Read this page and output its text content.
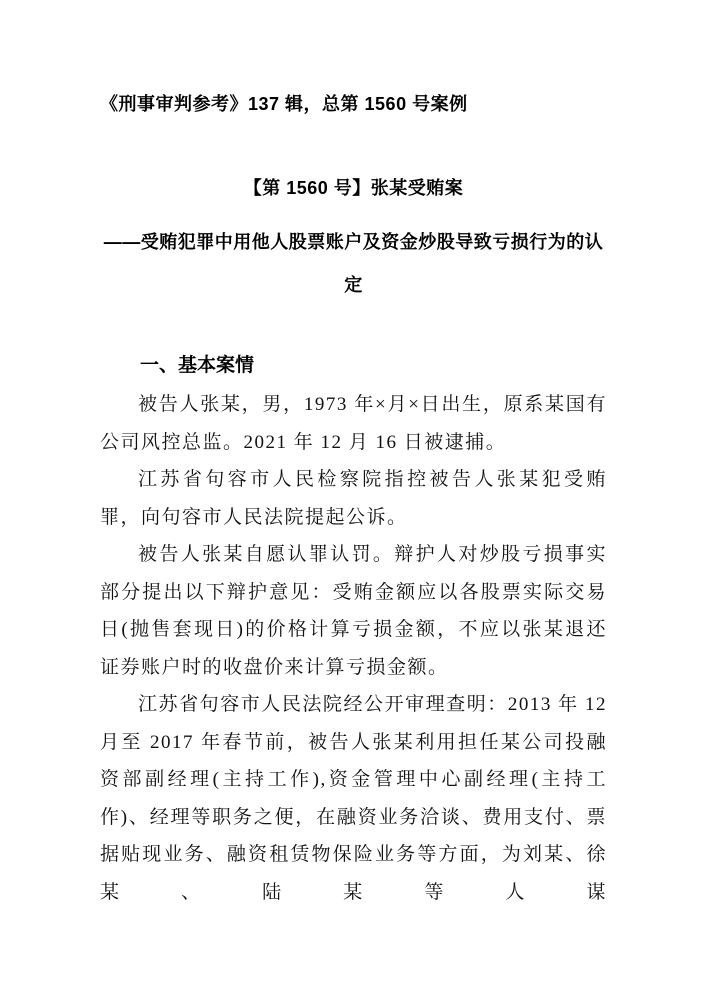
《刑事审判参考》137 辑，总第 1560 号案例
【第 1560 号】张某受贿案
——受贿犯罪中用他人股票账户及资金炒股导致亏损行为的认
定
一、基本案情

被告人张某，男，1973 年×月×日出生，原系某国有公司风控总监。2021 年 12 月 16 日被逮捕。

江苏省句容市人民检察院指控被告人张某犯受贿罪，向句容市人民法院提起公诉。

被告人张某自愿认罪认罚。辩护人对炒股亏损事实部分提出以下辩护意见：受贿金额应以各股票实际交易日(抛售套现日)的价格计算亏损金额，不应以张某退还证券账户时的收盘价来计算亏损金额。

江苏省句容市人民法院经公开审理查明：2013 年 12 月至 2017 年春节前，被告人张某利用担任某公司投融资部副经理(主持工作),资金管理中心副经理(主持工作)、经理等职务之便，在融资业务洽谈、费用支付、票据贴现业务、融资租赁物保险业务等方面，为刘某、徐某、陆某等人谋
